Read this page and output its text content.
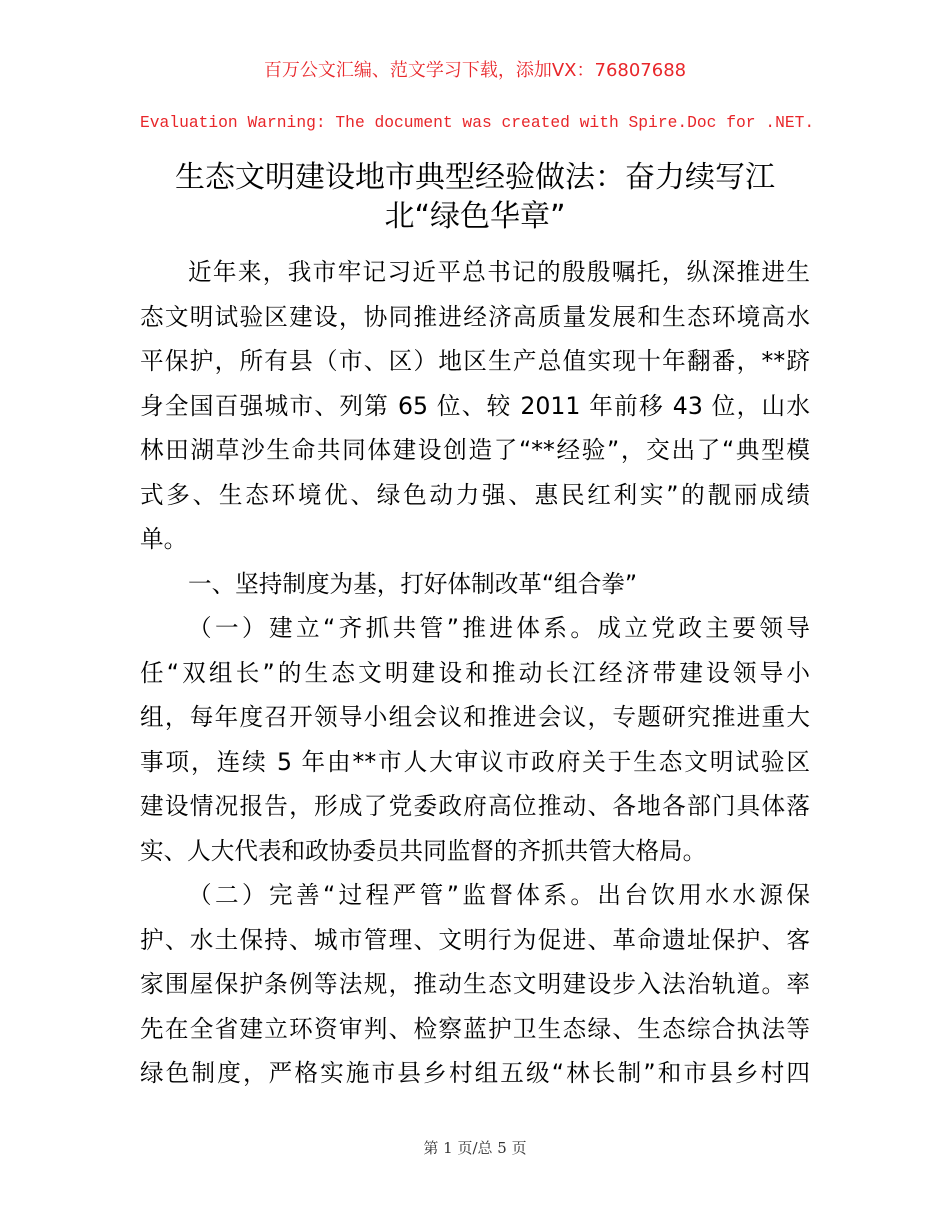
百万公文汇编、范文学习下载，添加VX：76807688
Evaluation Warning: The document was created with Spire.Doc for .NET.
生态文明建设地市典型经验做法：奋力续写江
北“绿色华章”
近年来，我市牢记习近平总书记的殷殷嘱托，纵深推进生
态文明试验区建设，协同推进经济高质量发展和生态环境高水
平保护，所有县（市、区）地区生产总值实现十年翻番，**跻
身全国百强城市、列第 65 位、较 2011 年前移 43 位，山水
林田湖草沙生命共同体建设创造了“**经验”，交出了“典型模
式多、生态环境优、绿色动力强、惠民红利实”的靓丽成绩
单。
一、坚持制度为基，打好体制改革“组合拳”
（一）建立“齐抓共管”推进体系。成立党政主要领导
任“双组长”的生态文明建设和推动长江经济带建设领导小
组，每年度召开领导小组会议和推进会议，专题研究推进重大
事项，连续 5 年由**市人大审议市政府关于生态文明试验区
建设情况报告，形成了党委政府高位推动、各地各部门具体落
实、人大代表和政协委员共同监督的齐抓共管大格局。
（二）完善“过程严管”监督体系。出台饮用水水源保
护、水土保持、城市管理、文明行为促进、革命遗址保护、客
家围屋保护条例等法规，推动生态文明建设步入法治轨道。率
先在全省建立环资审判、检察蓝护卫生态绿、生态综合执法等
绿色制度，严格实施市县乡村组五级“林长制”和市县乡村四
第 1 页/总 5 页
